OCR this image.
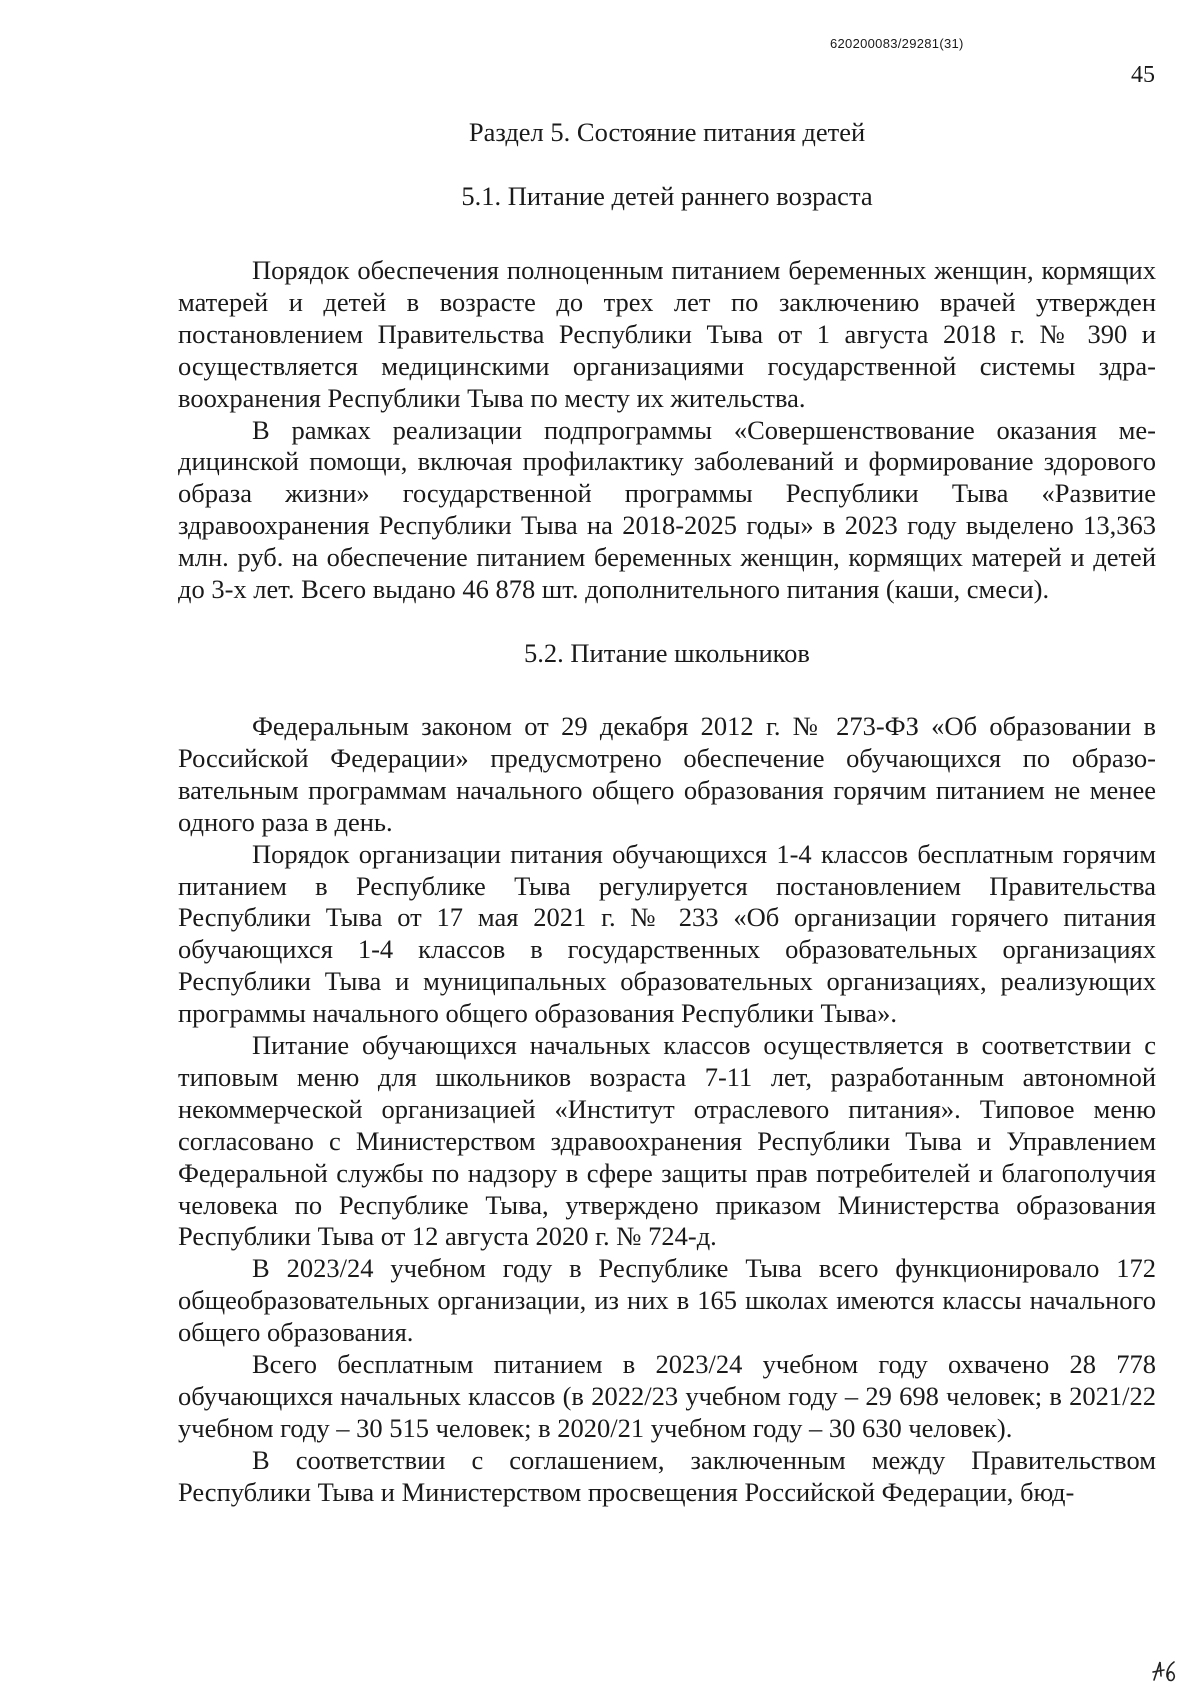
620200083/29281(31)
45
Раздел 5. Состояние питания детей
5.1. Питание детей раннего возраста

Порядок обеспечения полноценным питанием беременных женщин, кормящих матерей и детей в возрасте до трех лет по заключению врачей утвержден постановлением Правительства Республики Тыва от 1 августа 2018 г. № 390 и осуществляется медицинскими организациями государственной системы здравоохранения Республики Тыва по месту их жительства.

В рамках реализации подпрограммы «Совершенствование оказания медицинской помощи, включая профилактику заболеваний и формирование здорового образа жизни» государственной программы Республики Тыва «Развитие здравоохранения Республики Тыва на 2018-2025 годы» в 2023 году выделено 13,363 млн. руб. на обеспечение питанием беременных женщин, кормящих матерей и детей до 3-х лет. Всего выдано 46 878 шт. дополнительного питания (каши, смеси).

5.2. Питание школьников

Федеральным законом от 29 декабря 2012 г. № 273-ФЗ «Об образовании в Российской Федерации» предусмотрено обеспечение обучающихся по образовательным программам начального общего образования горячим питанием не менее одного раза в день.

Порядок организации питания обучающихся 1-4 классов бесплатным горячим питанием в Республике Тыва регулируется постановлением Правительства Республики Тыва от 17 мая 2021 г. № 233 «Об организации горячего питания обучающихся 1-4 классов в государственных образовательных организациях Республики Тыва и муниципальных образовательных организациях, реализующих программы начального общего образования Республики Тыва».

Питание обучающихся начальных классов осуществляется в соответствии с типовым меню для школьников возраста 7-11 лет, разработанным автономной некоммерческой организацией «Институт отраслевого питания». Типовое меню согласовано с Министерством здравоохранения Республики Тыва и Управлением Федеральной службы по надзору в сфере защиты прав потребителей и благополучия человека по Республике Тыва, утверждено приказом Министерства образования Республики Тыва от 12 августа 2020 г. № 724-д.

В 2023/24 учебном году в Республике Тыва всего функционировало 172 общеобразовательных организации, из них в 165 школах имеются классы начального общего образования.

Всего бесплатным питанием в 2023/24 учебном году охвачено 28 778 обучающихся начальных классов (в 2022/23 учебном году – 29 698 человек; в 2021/22 учебном году – 30 515 человек; в 2020/21 учебном году – 30 630 человек).

В соответствии с соглашением, заключенным между Правительством Республики Тыва и Министерством просвещения Российской Федерации, бюд-
